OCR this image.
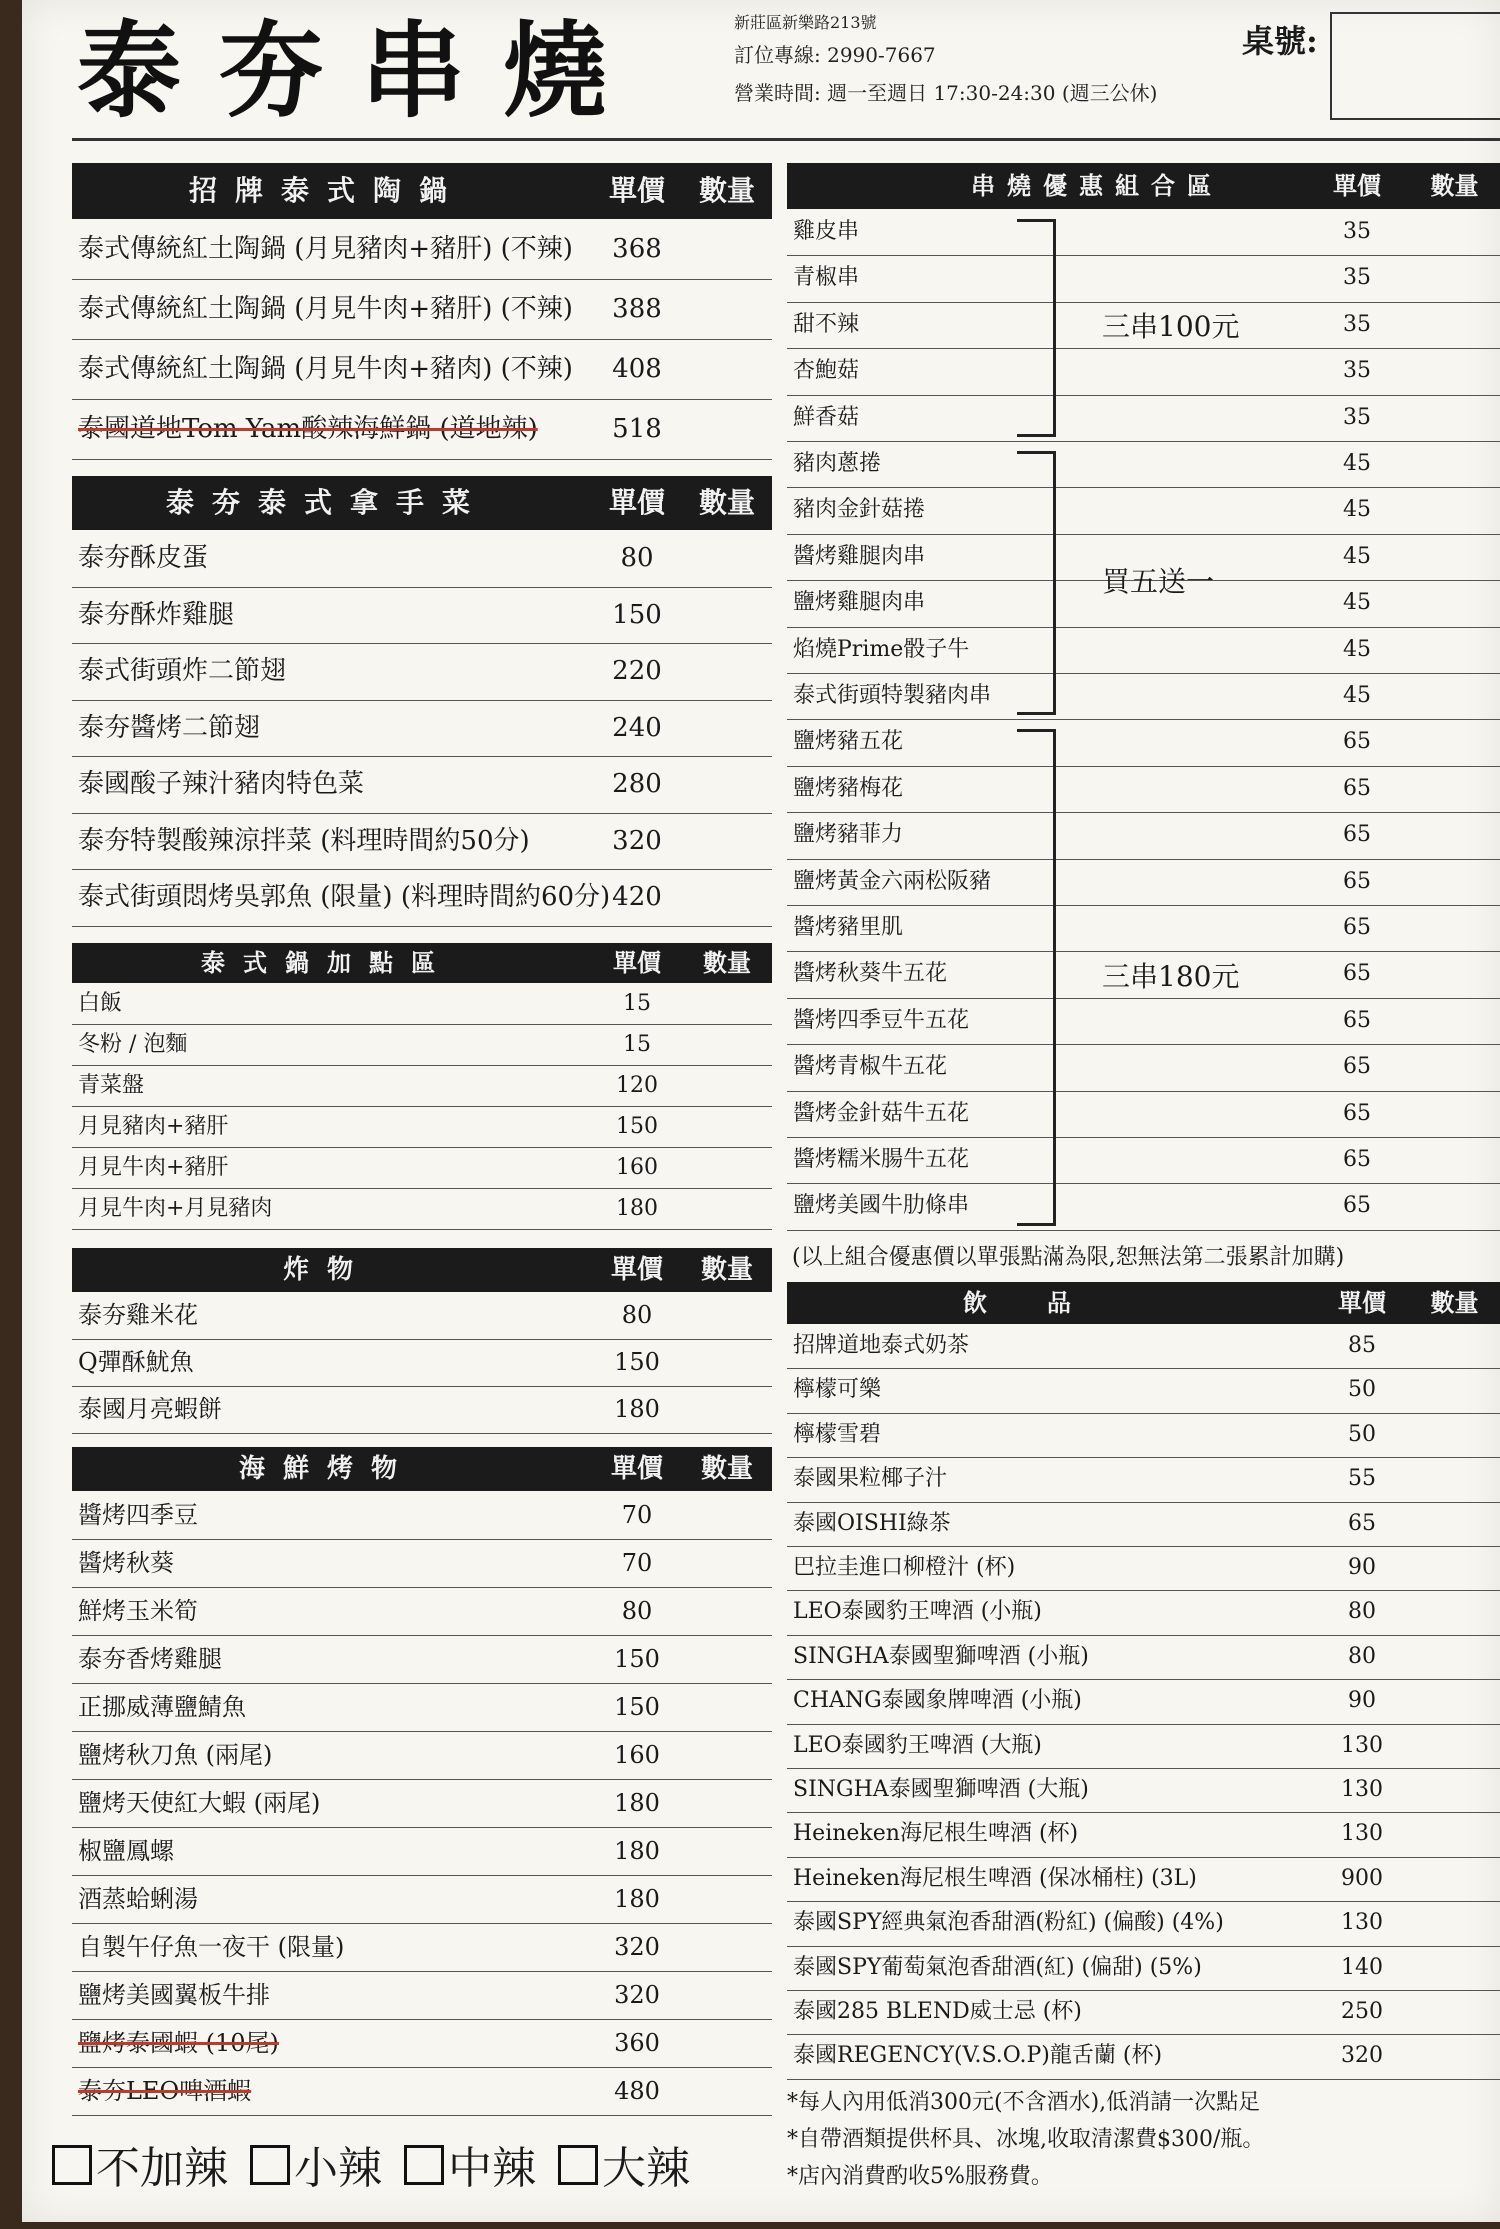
泰夯串燒	新莊區新樂路213號
訂位專線: 2990-7667
營業時間: 週一至週日 17:30-24:30 (週三公休)
桌號:
招牌泰式陶鍋	單價	數量
泰式傳統紅土陶鍋 (月見豬肉+豬肝) (不辣)	368
泰式傳統紅土陶鍋 (月見牛肉+豬肝) (不辣)	388
泰式傳統紅土陶鍋 (月見牛肉+豬肉) (不辣)	408
泰國道地Tom Yam酸辣海鮮鍋 (道地辣)	518
泰夯泰式拿手菜	單價	數量
泰夯酥皮蛋	80
泰夯酥炸雞腿	150
泰式街頭炸二節翅	220
泰夯醬烤二節翅	240
泰國酸子辣汁豬肉特色菜	280
泰夯特製酸辣涼拌菜 (料理時間約50分)	320
泰式街頭悶烤吳郭魚 (限量) (料理時間約60分) 420
泰式鍋加點區	單價	數量
白飯	15
冬粉 / 泡麵	15
青菜盤	120
月見豬肉+豬肝	150
月見牛肉+豬肝	160
月見牛肉+月見豬肉	180
炸物	單價	數量
泰夯雞米花	80
Q彈酥魷魚	150
泰國月亮蝦餅	180
海鮮烤物	單價	數量
醬烤四季豆	70
醬烤秋葵	70
鮮烤玉米筍	80
泰夯香烤雞腿	150
正挪威薄鹽鯖魚	150
鹽烤秋刀魚 (兩尾)	160
鹽烤天使紅大蝦 (兩尾)	180
椒鹽鳳螺	180
酒蒸蛤蜊湯	180
自製午仔魚一夜干 (限量)	320
鹽烤美國翼板牛排	320
鹽烤泰國蝦 (10尾)	360
泰夯LEO啤酒蝦	480
串燒優惠組合區	單價	數量
雞皮串	35
青椒串	35
甜不辣	35
杏鮑菇	35
鮮香菇	35
豬肉蔥捲	45
豬肉金針菇捲	45
醬烤雞腿肉串	45
鹽烤雞腿肉串	45
焰燒Prime骰子牛	45
泰式街頭特製豬肉串	45
鹽烤豬五花	65
鹽烤豬梅花	65
鹽烤豬菲力	65
鹽烤黃金六兩松阪豬	65
醬烤豬里肌	65
醬烤秋葵牛五花	65
醬烤四季豆牛五花	65
醬烤青椒牛五花	65
醬烤金針菇牛五花	65
醬烤糯米腸牛五花	65
鹽烤美國牛肋條串	65
三串100元
買五送一
三串180元
(以上組合優惠價以單張點滿為限,恕無法第二張累計加購)
飲品	單價	數量
招牌道地泰式奶茶	85
檸檬可樂	50
檸檬雪碧	50
泰國果粒椰子汁	55
泰國OISHI綠茶	65
巴拉圭進口柳橙汁 (杯)	90
LEO泰國豹王啤酒 (小瓶)	80
SINGHA泰國聖獅啤酒 (小瓶)	80
CHANG泰國象牌啤酒 (小瓶)	90
LEO泰國豹王啤酒 (大瓶)	130
SINGHA泰國聖獅啤酒 (大瓶)	130
Heineken海尼根生啤酒 (杯)	130
Heineken海尼根生啤酒 (保冰桶柱) (3L)	900
泰國SPY經典氣泡香甜酒(粉紅) (偏酸) (4%)	130
泰國SPY葡萄氣泡香甜酒(紅) (偏甜) (5%)	140
泰國285 BLEND威士忌 (杯)	250
泰國REGENCY(V.S.O.P)龍舌蘭 (杯)	320
*每人內用低消300元(不含酒水),低消請一次點足
*自帶酒類提供杯具、冰塊,收取清潔費$300/瓶。
*店內消費酌收5%服務費。
不加辣 小辣 中辣 大辣
